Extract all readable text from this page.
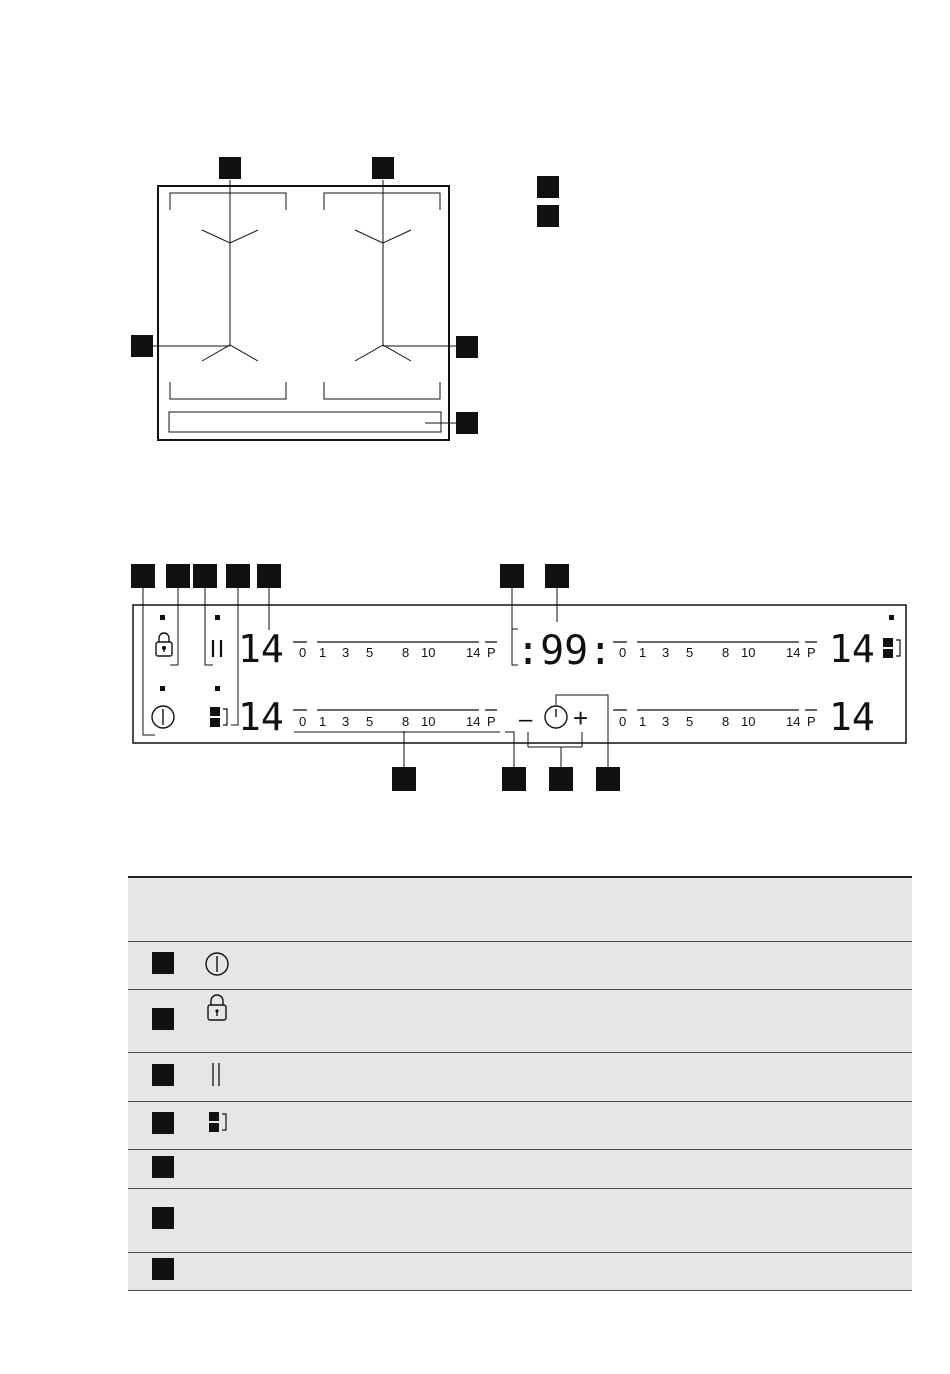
– +
:99:
14
14
14
14
0 1 3 5 8 10 14 P
0 1 3 5 8 10 14 P
0 1 3 5 8 10 14 P
0 1 3 5 8 10 14 P
